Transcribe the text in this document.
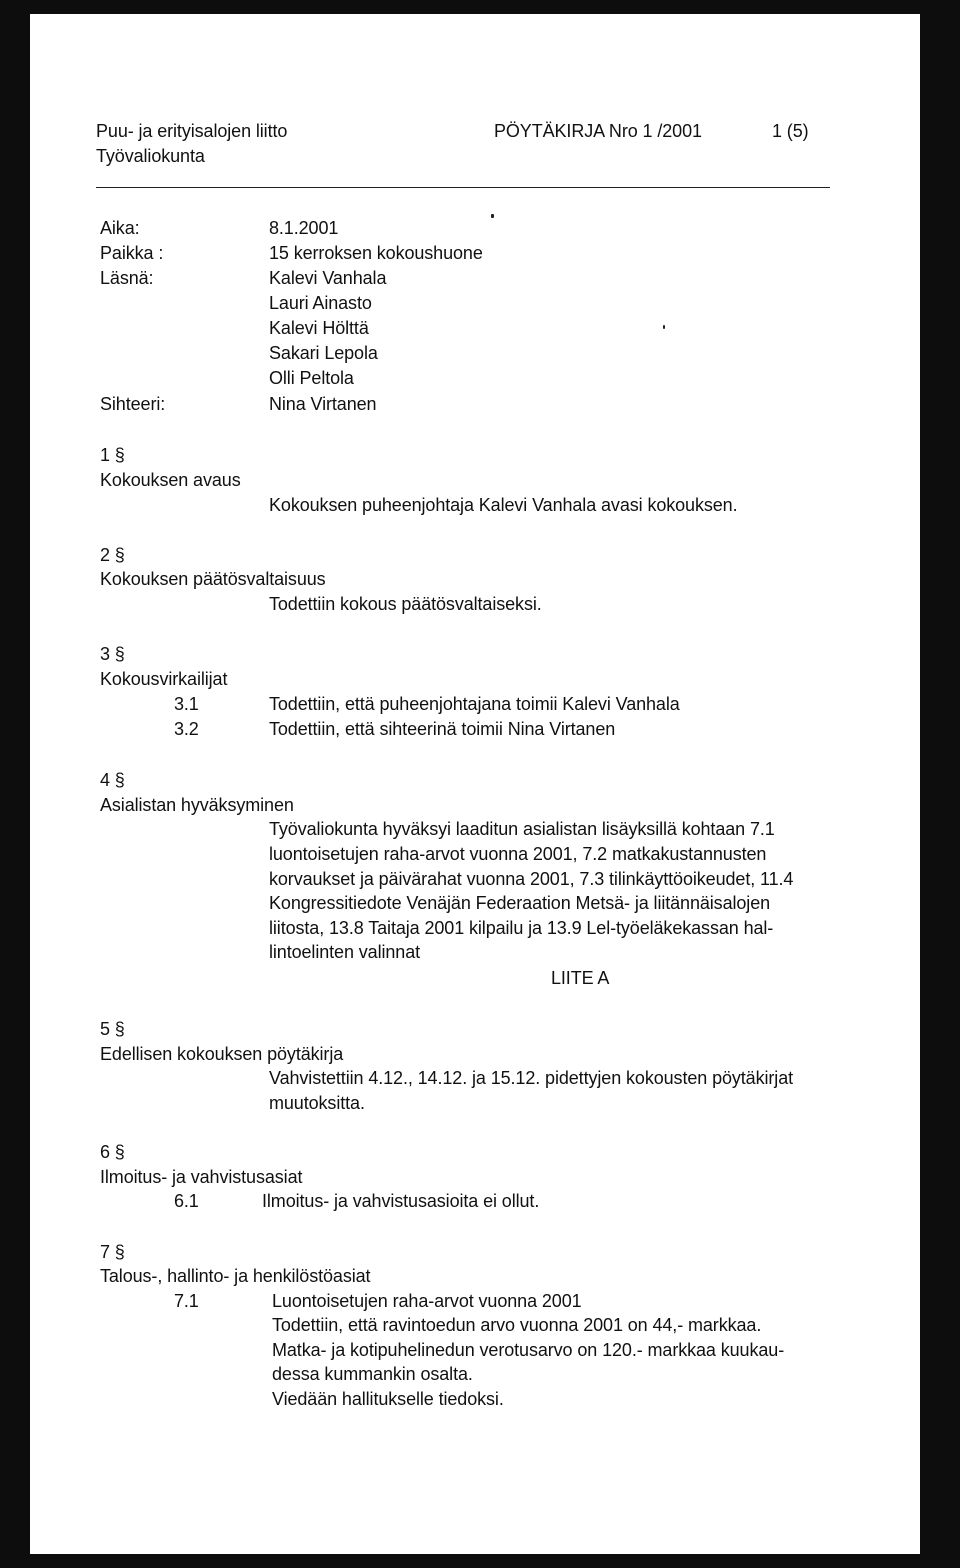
Puu- ja erityisalojen liitto
Työvaliokunta
PÖYTÄKIRJA Nro 1 /2001	1 (5)
Aika:	8.1.2001
Paikka :	15 kerroksen kokoushuone
Läsnä:	Kalevi Vanhala
Lauri Ainasto
Kalevi Hölttä
Sakari Lepola
Olli Peltola
Sihteeri:	Nina Virtanen
1 §
Kokouksen avaus
Kokouksen puheenjohtaja Kalevi Vanhala avasi kokouksen.
2 §
Kokouksen päätösvaltaisuus
Todettiin kokous päätösvaltaiseksi.
3 §
Kokousvirkailijat
3.1	Todettiin, että puheenjohtajana toimii Kalevi Vanhala
3.2	Todettiin, että sihteerinä toimii Nina Virtanen
4 §
Asialistan hyväksyminen
Työvaliokunta hyväksyi laaditun asialistan lisäyksillä kohtaan 7.1
luontoisetujen raha-arvot vuonna 2001, 7.2 matkakustannusten
korvaukset ja päivärahat vuonna 2001, 7.3 tilinkäyttöoikeudet, 11.4
Kongressitiedote Venäjän Federaation Metsä- ja liitännäisalojen
liitosta, 13.8 Taitaja 2001 kilpailu ja 13.9 Lel-työeläkekassan hal-
lintoelinten valinnat
LIITE A
5 §
Edellisen kokouksen pöytäkirja
Vahvistettiin 4.12., 14.12. ja 15.12. pidettyjen kokousten pöytäkirjat
muutoksitta.
6 §
Ilmoitus- ja vahvistusasiat
6.1	Ilmoitus- ja vahvistusasioita ei ollut.
7 §
Talous-, hallinto- ja henkilöstöasiat
7.1	Luontoisetujen raha-arvot vuonna 2001
Todettiin, että ravintoedun arvo vuonna 2001 on 44,- markkaa.
Matka- ja kotipuhelinedun verotusarvo on 120.- markkaa kuukau-
dessa kummankin osalta.
Viedään hallitukselle tiedoksi.
